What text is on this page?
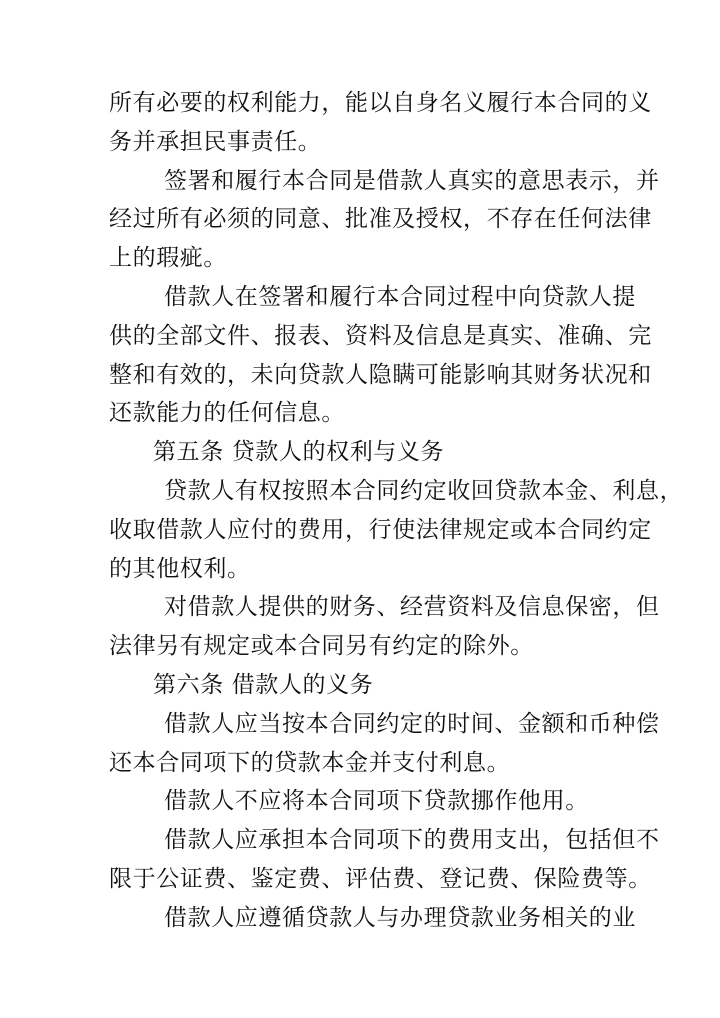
所有必要的权利能力，能以自身名义履行本合同的义
务并承担民事责任。
签署和履行本合同是借款人真实的意思表示，并
经过所有必须的同意、批准及授权，不存在任何法律
上的瑕疵。
借款人在签署和履行本合同过程中向贷款人提
供的全部文件、报表、资料及信息是真实、准确、完
整和有效的，未向贷款人隐瞒可能影响其财务状况和
还款能力的任何信息。
第五条 贷款人的权利与义务
贷款人有权按照本合同约定收回贷款本金、利息，
收取借款人应付的费用，行使法律规定或本合同约定
的其他权利。
对借款人提供的财务、经营资料及信息保密，但
法律另有规定或本合同另有约定的除外。
第六条 借款人的义务
借款人应当按本合同约定的时间、金额和币种偿
还本合同项下的贷款本金并支付利息。
借款人不应将本合同项下贷款挪作他用。
借款人应承担本合同项下的费用支出，包括但不
限于公证费、鉴定费、评估费、登记费、保险费等。
借款人应遵循贷款人与办理贷款业务相关的业
